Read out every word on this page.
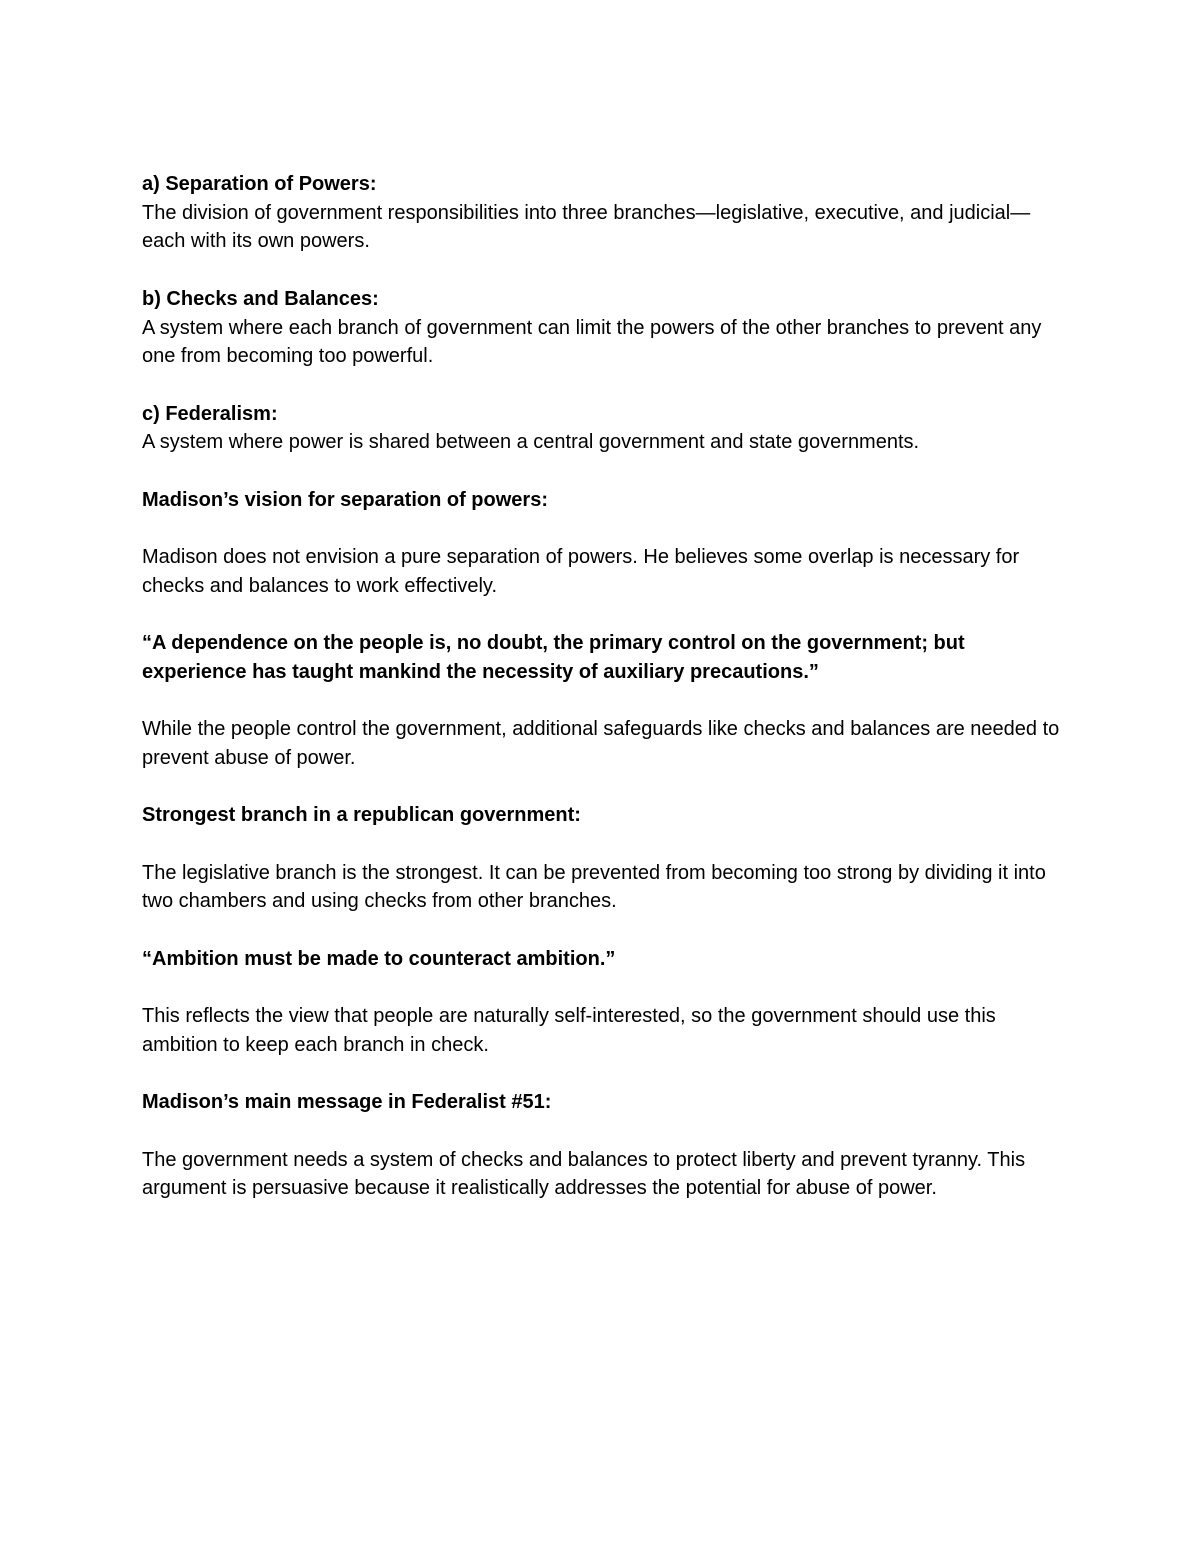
a) Separation of Powers:

The division of government responsibilities into three branches—legislative, executive, and judicial—each with its own powers.

b) Checks and Balances:

A system where each branch of government can limit the powers of the other branches to prevent any one from becoming too powerful.

c) Federalism:

A system where power is shared between a central government and state governments.

Madison’s vision for separation of powers:

Madison does not envision a pure separation of powers. He believes some overlap is necessary for checks and balances to work effectively.

“A dependence on the people is, no doubt, the primary control on the government; but experience has taught mankind the necessity of auxiliary precautions.”

While the people control the government, additional safeguards like checks and balances are needed to prevent abuse of power.

Strongest branch in a republican government:

The legislative branch is the strongest. It can be prevented from becoming too strong by dividing it into two chambers and using checks from other branches.

“Ambition must be made to counteract ambition.”

This reflects the view that people are naturally self-interested, so the government should use this ambition to keep each branch in check.

Madison’s main message in Federalist #51:

The government needs a system of checks and balances to protect liberty and prevent tyranny. This argument is persuasive because it realistically addresses the potential for abuse of power.
